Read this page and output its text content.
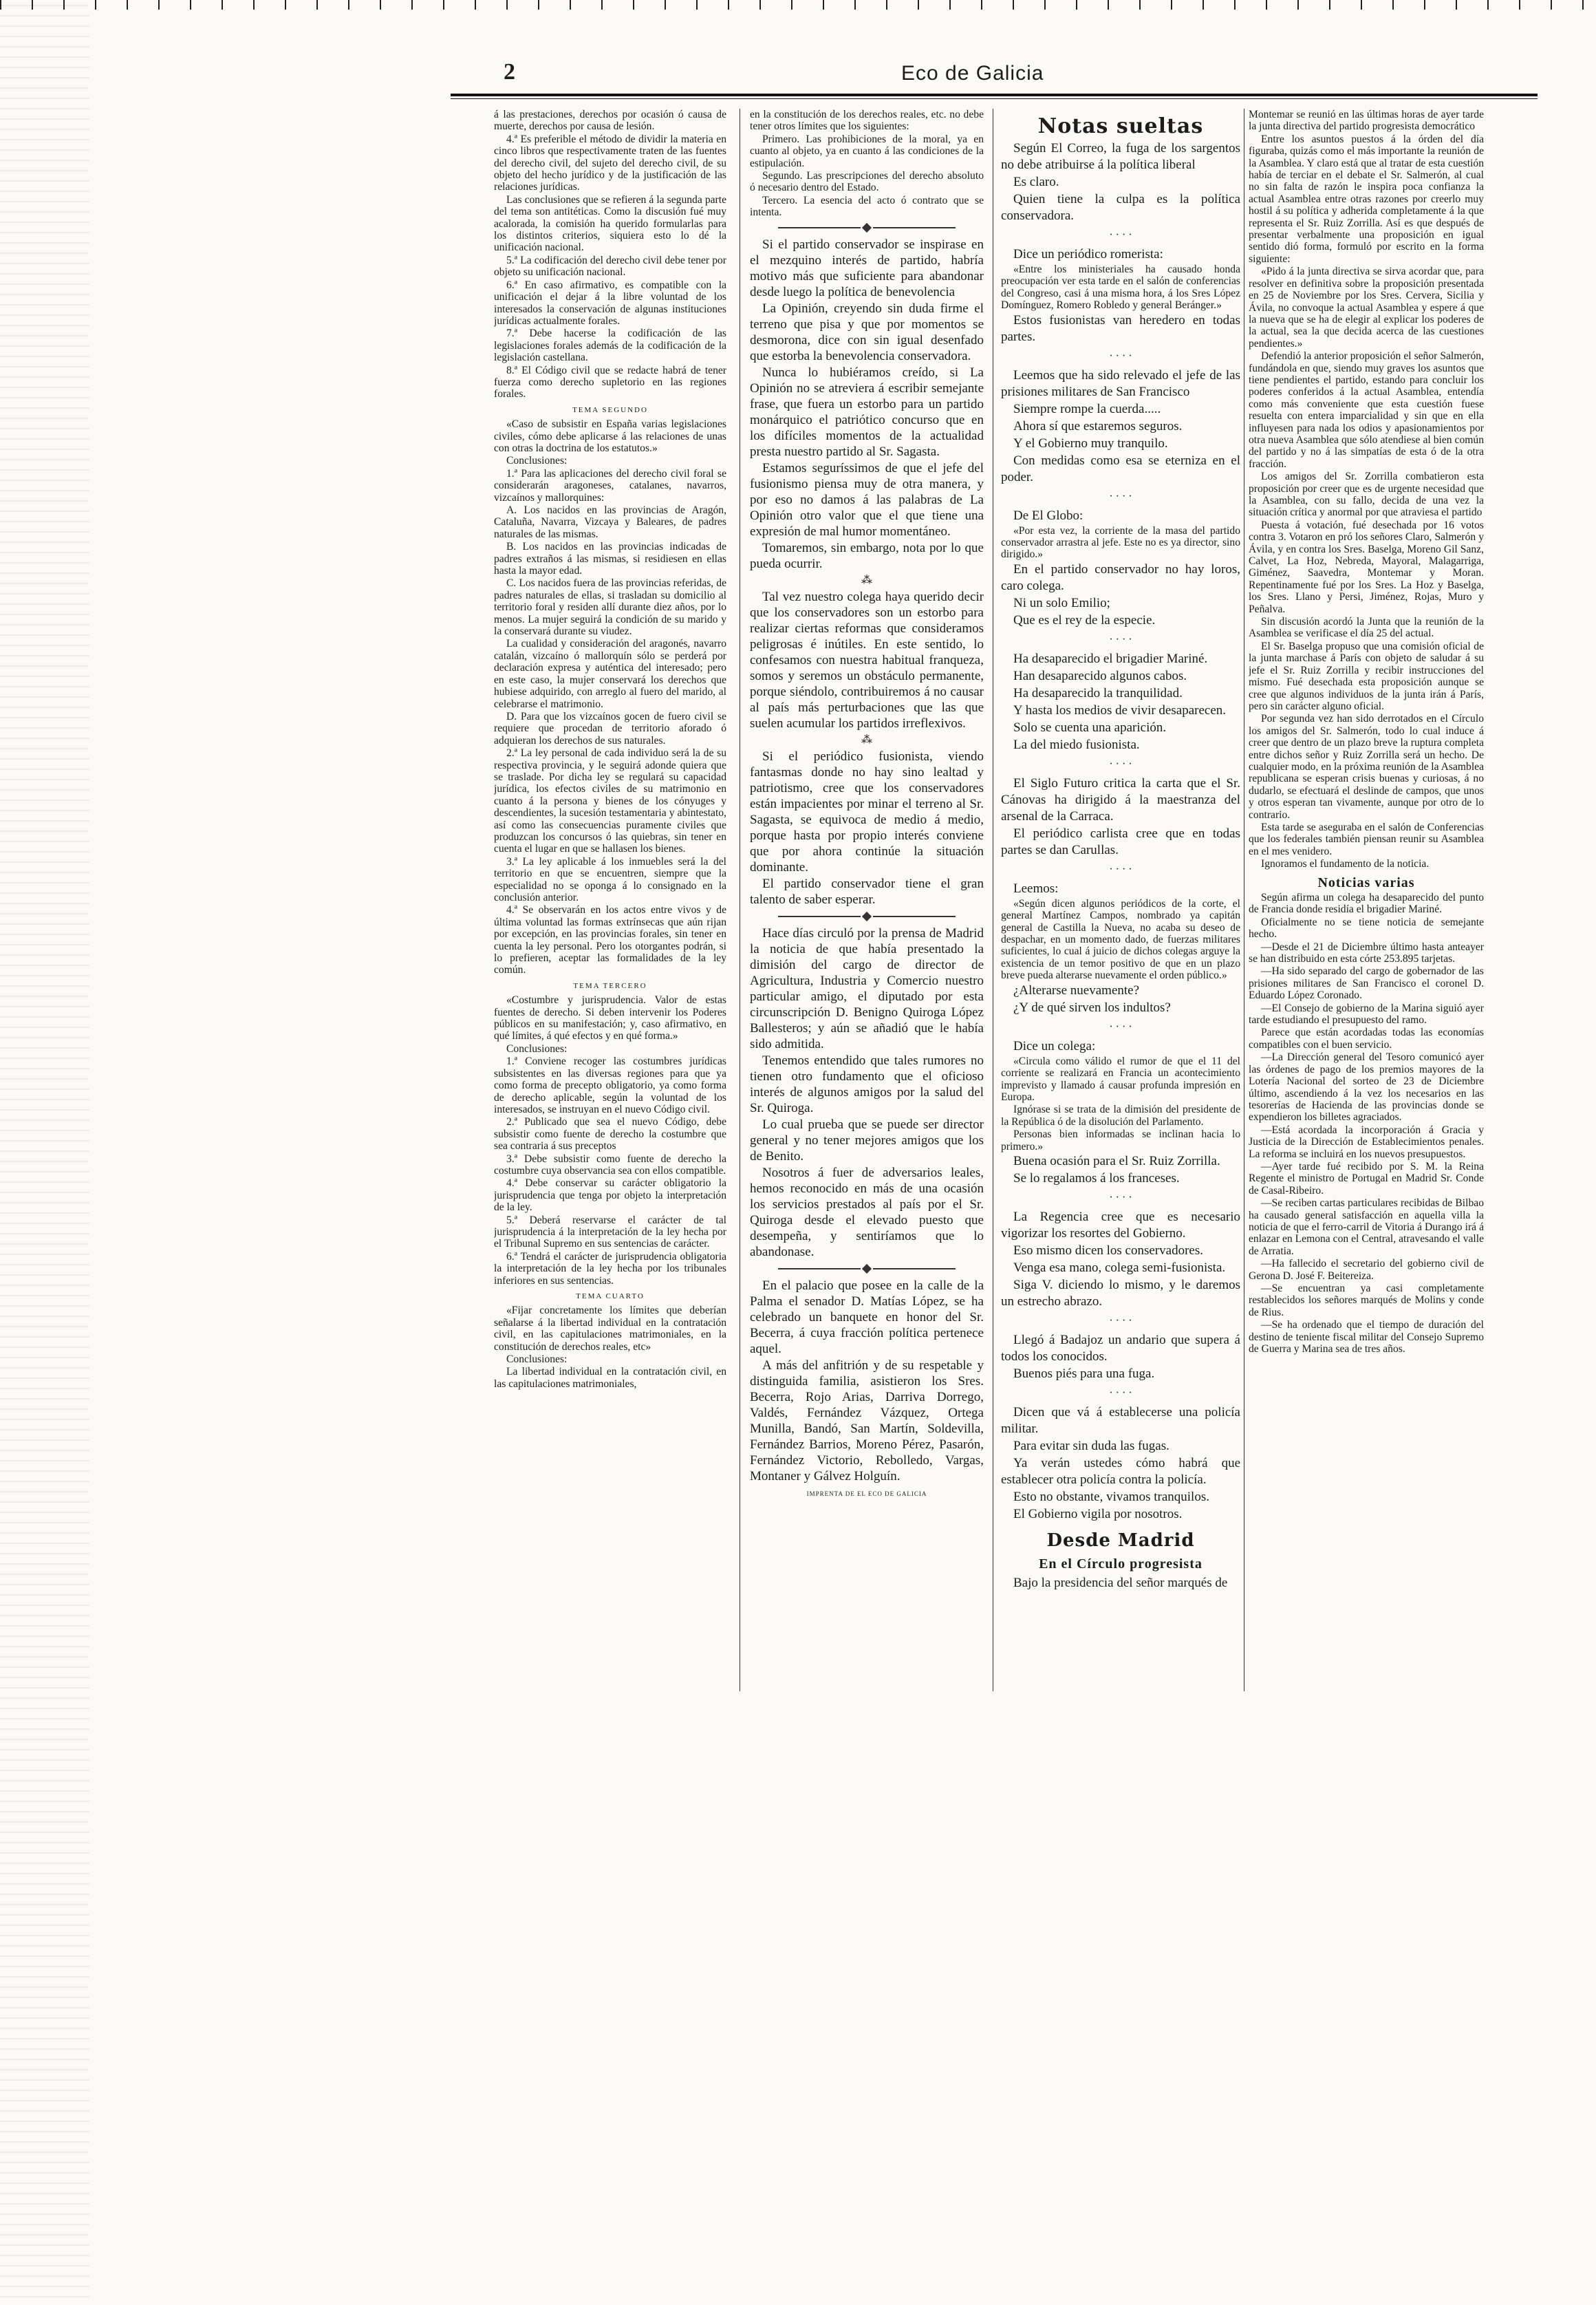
2	Eco de Galicia

á las prestaciones, derechos por ocasión ó causa de muerte, derechos por causa de lesión.

4.ª Es preferible el método de dividir la materia en cinco libros que respectivamente traten de las fuentes del derecho civil, del sujeto del derecho civil, de su objeto del hecho jurídico y de la justificación de las relaciones jurídicas.

Las conclusiones que se refieren á la segunda parte del tema son antitéticas. Como la discusión fué muy acalorada, la comisión ha querido formularlas para los distintos criterios, siquiera esto lo dé la unificación nacional.

5.ª La codificación del derecho civil debe tener por objeto su unificación nacional.

6.ª En caso afirmativo, es compatible con la unificación el dejar á la libre voluntad de los interesados la conservación de algunas instituciones jurídicas actualmente forales.

7.ª Debe hacerse la codificación de las legislaciones forales además de la codificación de la legislación castellana.

8.ª El Código civil que se redacte habrá de tener fuerza como derecho supletorio en las regiones forales.

TEMA SEGUNDO

«Caso de subsistir en España varias legislaciones civiles, cómo debe aplicarse á las relaciones de unas con otras la doctrina de los estatutos.»

Conclusiones:

1.ª Para las aplicaciones del derecho civil foral se considerarán aragoneses, catalanes, navarros, vizcaínos y mallorquines:

A. Los nacidos en las provincias de Aragón, Cataluña, Navarra, Vizcaya y Baleares, de padres naturales de las mismas.

B. Los nacidos en las provincias indicadas de padres extraños á las mismas, si residiesen en ellas hasta la mayor edad.

C. Los nacidos fuera de las provincias referidas, de padres naturales de ellas, si trasladan su domicilio al territorio foral y residen allí durante diez años, por lo menos. La mujer seguirá la condición de su marido y la conservará durante su viudez.

La cualidad y consideración del aragonés, navarro catalán, vizcaíno ó mallorquín sólo se perderá por declaración expresa y auténtica del interesado; pero en este caso, la mujer conservará los derechos que hubiese adquirido, con arreglo al fuero del marido, al celebrarse el matrimonio.

D. Para que los vizcaínos gocen de fuero civil se requiere que procedan de territorio aforado ó adquieran los derechos de sus naturales.

2.ª La ley personal de cada individuo será la de su respectiva provincia, y le seguirá adonde quiera que se traslade. Por dicha ley se regulará su capacidad jurídica, los efectos civiles de su matrimonio en cuanto á la persona y bienes de los cónyuges y descendientes, la sucesión testamentaria y abintestato, así como las consecuencias puramente civiles que produzcan los concursos ó las quiebras, sin tener en cuenta el lugar en que se hallasen los bienes.

3.ª La ley aplicable á los inmuebles será la del territorio en que se encuentren, siempre que la especialidad no se oponga á lo consignado en la conclusión anterior.

4.ª Se observarán en los actos entre vivos y de última voluntad las formas extrínsecas que aún rijan por excepción, en las provincias forales, sin tener en cuenta la ley personal. Pero los otorgantes podrán, si lo prefieren, aceptar las formalidades de la ley común.

TEMA TERCERO

«Costumbre y jurisprudencia. Valor de estas fuentes de derecho. Si deben intervenir los Poderes públicos en su manifestación; y, caso afirmativo, en qué límites, á qué efectos y en qué forma.»

Conclusiones:

1.ª Conviene recoger las costumbres jurídicas subsistentes en las diversas regiones para que ya como forma de precepto obligatorio, ya como forma de derecho aplicable, según la voluntad de los interesados, se instruyan en el nuevo Código civil.

2.ª Publicado que sea el nuevo Código, debe subsistir como fuente de derecho la costumbre que sea contraria á sus preceptos

3.ª Debe subsistir como fuente de derecho la costumbre cuya observancia sea con ellos compatible.

4.ª Debe conservar su carácter obligatorio la jurisprudencia que tenga por objeto la interpretación de la ley.

5.ª Deberá reservarse el carácter de tal jurisprudencia á la interpretación de la ley hecha por el Tribunal Supremo en sus sentencias de carácter.

6.ª Tendrá el carácter de jurisprudencia obligatoria la interpretación de la ley hecha por los tribunales inferiores en sus sentencias.

TEMA CUARTO

«Fijar concretamente los límites que deberían señalarse á la libertad individual en la contratación civil, en las capitulaciones matrimoniales, en la constitución de derechos reales, etc»

Conclusiones:

La libertad individual en la contratación civil, en las capitulaciones matrimoniales,

en la constitución de los derechos reales, etc. no debe tener otros límites que los siguientes:

Primero. Las prohibiciones de la moral, ya en cuanto al objeto, ya en cuanto á las condiciones de la estipulación.

Segundo. Las prescripciones del derecho absoluto ó necesario dentro del Estado.

Tercero. La esencia del acto ó contrato que se intenta.

Si el partido conservador se inspirase en el mezquino interés de partido, habría motivo más que suficiente para abandonar desde luego la política de benevolencia

La Opinión, creyendo sin duda firme el terreno que pisa y que por momentos se desmorona, dice con sin igual desenfado que estorba la benevolencia conservadora.

Nunca lo hubiéramos creído, si La Opinión no se atreviera á escribir semejante frase, que fuera un estorbo para un partido monárquico el patriótico concurso que en los difíciles momentos de la actualidad presta nuestro partido al Sr. Sagasta.

Estamos seguríssimos de que el jefe del fusionismo piensa muy de otra manera, y por eso no damos á las palabras de La Opinión otro valor que el que tiene una expresión de mal humor momentáneo.

Tomaremos, sin embargo, nota por lo que pueda ocurrir.

⁂

Tal vez nuestro colega haya querido decir que los conservadores son un estorbo para realizar ciertas reformas que consideramos peligrosas é inútiles. En este sentido, lo confesamos con nuestra habitual franqueza, somos y seremos un obstáculo permanente, porque siéndolo, contribuiremos á no causar al país más perturbaciones que las que suelen acumular los partidos irreflexivos.

⁂

Si el periódico fusionista, viendo fantasmas donde no hay sino lealtad y patriotismo, cree que los conservadores están impacientes por minar el terreno al Sr. Sagasta, se equivoca de medio á medio, porque hasta por propio interés conviene que por ahora continúe la situación dominante.

El partido conservador tiene el gran talento de saber esperar.

Hace días circuló por la prensa de Madrid la noticia de que había presentado la dimisión del cargo de director de Agricultura, Industria y Comercio nuestro particular amigo, el diputado por esta circunscripción D. Benigno Quiroga López Ballesteros; y aún se añadió que le había sido admitida.

Tenemos entendido que tales rumores no tienen otro fundamento que el oficioso interés de algunos amigos por la salud del Sr. Quiroga.

Lo cual prueba que se puede ser director general y no tener mejores amigos que los de Benito.

Nosotros á fuer de adversarios leales, hemos reconocido en más de una ocasión los servicios prestados al país por el Sr. Quiroga desde el elevado puesto que desempeña, y sentiríamos que lo abandonase.

En el palacio que posee en la calle de la Palma el senador D. Matías López, se ha celebrado un banquete en honor del Sr. Becerra, á cuya fracción política pertenece aquel.

A más del anfitrión y de su respetable y distinguida familia, asistieron los Sres. Becerra, Rojo Arias, Darriva Dorrego, Valdés, Fernández Vázquez, Ortega Munilla, Bandó, San Martín, Soldevilla, Fernández Barrios, Moreno Pérez, Pasarón, Fernández Victorio, Rebolledo, Vargas, Montaner y Gálvez Holguín.

IMPRENTA DE EL ECO DE GALICIA

Notas sueltas

Según El Correo, la fuga de los sargentos no debe atribuirse á la política liberal

Es claro.

Quien tiene la culpa es la política conservadora.

· · · ·

Dice un periódico romerista:

«Entre los ministeriales ha causado honda preocupación ver esta tarde en el salón de conferencias del Congreso, casi á una misma hora, á los Sres López Domínguez, Romero Robledo y general Beránger.»

Estos fusionistas van heredero en todas partes.

· · · ·

Leemos que ha sido relevado el jefe de las prisiones militares de San Francisco

Siempre rompe la cuerda.....

Ahora sí que estaremos seguros.

Y el Gobierno muy tranquilo.

Con medidas como esa se eterniza en el poder.

· · · ·

De El Globo:

«Por esta vez, la corriente de la masa del partido conservador arrastra al jefe. Este no es ya director, sino dirigido.»

En el partido conservador no hay loros, caro colega.

Ni un solo Emilio;

Que es el rey de la especie.

· · · ·

Ha desaparecido el brigadier Mariné.

Han desaparecido algunos cabos.

Ha desaparecido la tranquilidad.

Y hasta los medios de vivir desaparecen.

Solo se cuenta una aparición.

La del miedo fusionista.

· · · ·

El Siglo Futuro critica la carta que el Sr. Cánovas ha dirigido á la maestranza del arsenal de la Carraca.

El periódico carlista cree que en todas partes se dan Carullas.

· · · ·

Leemos:

«Según dicen algunos periódicos de la corte, el general Martínez Campos, nombrado ya capitán general de Castilla la Nueva, no acaba su deseo de despachar, en un momento dado, de fuerzas militares suficientes, lo cual á juicio de dichos colegas arguye la existencia de un temor positivo de que en un plazo breve pueda alterarse nuevamente el orden público.»

¿Alterarse nuevamente?

¿Y de qué sirven los indultos?

· · · ·

Dice un colega:

«Circula como válido el rumor de que el 11 del corriente se realizará en Francia un acontecimiento imprevisto y llamado á causar profunda impresión en Europa.

Ignórase si se trata de la dimisión del presidente de la República ó de la disolución del Parlamento.

Personas bien informadas se inclinan hacia lo primero.»

Buena ocasión para el Sr. Ruiz Zorrilla.

Se lo regalamos á los franceses.

· · · ·

La Regencia cree que es necesario vigorizar los resortes del Gobierno.

Eso mismo dicen los conservadores.

Venga esa mano, colega semi-fusionista.

Siga V. diciendo lo mismo, y le daremos un estrecho abrazo.

· · · ·

Llegó á Badajoz un andario que supera á todos los conocidos.

Buenos piés para una fuga.

· · · ·

Dicen que vá á establecerse una policía militar.

Para evitar sin duda las fugas.

Ya verán ustedes cómo habrá que establecer otra policía contra la policía.

Esto no obstante, vivamos tranquilos.

El Gobierno vigila por nosotros.

Desde Madrid

En el Círculo progresista

Bajo la presidencia del señor marqués de

Montemar se reunió en las últimas horas de ayer tarde la junta directiva del partido progresista democrático

Entre los asuntos puestos á la órden del día figuraba, quizás como el más importante la reunión de la Asamblea. Y claro está que al tratar de esta cuestión había de terciar en el debate el Sr. Salmerón, al cual no sin falta de razón le inspira poca confianza la actual Asamblea entre otras razones por creerlo muy hostil á su política y adherida completamente á la que representa el Sr. Ruiz Zorrilla. Así es que después de presentar verbalmente una proposición en igual sentido dió forma, formuló por escrito en la forma siguiente:

«Pido á la junta directiva se sirva acordar que, para resolver en definitiva sobre la proposición presentada en 25 de Noviembre por los Sres. Cervera, Sicilia y Ávila, no convoque la actual Asamblea y espere á que la nueva que se ha de elegir al explicar los poderes de la actual, sea la que decida acerca de las cuestiones pendientes.»

Defendió la anterior proposición el señor Salmerón, fundándola en que, siendo muy graves los asuntos que tiene pendientes el partido, estando para concluir los poderes conferidos á la actual Asamblea, entendía como más conveniente que esta cuestión fuese resuelta con entera imparcialidad y sin que en ella influyesen para nada los odios y apasionamientos por otra nueva Asamblea que sólo atendiese al bien común del partido y no á las simpatías de esta ó de la otra fracción.

Los amigos del Sr. Zorrilla combatieron esta proposición por creer que es de urgente necesidad que la Asamblea, con su fallo, decida de una vez la situación crítica y anormal por que atraviesa el partido

Puesta á votación, fué desechada por 16 votos contra 3. Votaron en pró los señores Claro, Salmerón y Ávila, y en contra los Sres. Baselga, Moreno Gil Sanz, Calvet, La Hoz, Nebreda, Mayoral, Malagarriga, Giménez, Saavedra, Montemar y Moran. Repentinamente fué por los Sres. La Hoz y Baselga, los Sres. Llano y Persi, Jiménez, Rojas, Muro y Peñalva.

Sin discusión acordó la Junta que la reunión de la Asamblea se verificase el día 25 del actual.

El Sr. Baselga propuso que una comisión oficial de la junta marchase á París con objeto de saludar á su jefe el Sr. Ruiz Zorrilla y recibir instrucciones del mismo. Fué desechada esta proposición aunque se cree que algunos individuos de la junta irán á París, pero sin carácter alguno oficial.

Por segunda vez han sido derrotados en el Círculo los amigos del Sr. Salmerón, todo lo cual induce á creer que dentro de un plazo breve la ruptura completa entre dichos señor y Ruiz Zorrilla será un hecho. De cualquier modo, en la próxima reunión de la Asamblea republicana se esperan crisis buenas y curiosas, á no dudarlo, se efectuará el deslinde de campos, que unos y otros esperan tan vivamente, aunque por otro de lo contrario.

Esta tarde se aseguraba en el salón de Conferencias que los federales también piensan reunir su Asamblea en el mes venidero.

Ignoramos el fundamento de la noticia.

Noticias varias

Según afirma un colega ha desaparecido del punto de Francia donde residía el brigadier Mariné.

Oficialmente no se tiene noticia de semejante hecho.

—Desde el 21 de Diciembre último hasta anteayer se han distribuido en esta córte 253.895 tarjetas.

—Ha sido separado del cargo de gobernador de las prisiones militares de San Francisco el coronel D. Eduardo López Coronado.

—El Consejo de gobierno de la Marina siguió ayer tarde estudiando el presupuesto del ramo.

Parece que están acordadas todas las economías compatibles con el buen servicio.

—La Dirección general del Tesoro comunicó ayer las órdenes de pago de los premios mayores de la Lotería Nacional del sorteo de 23 de Diciembre último, ascendiendo á la vez los necesarios en las tesorerías de Hacienda de las provincias donde se expendieron los billetes agraciados.

—Está acordada la incorporación á Gracia y Justicia de la Dirección de Establecimientos penales. La reforma se incluirá en los nuevos presupuestos.

—Ayer tarde fué recibido por S. M. la Reina Regente el ministro de Portugal en Madrid Sr. Conde de Casal-Ribeiro.

—Se reciben cartas particulares recibidas de Bilbao ha causado general satisfacción en aquella villa la noticia de que el ferro-carril de Vitoria á Durango irá á enlazar en Lemona con el Central, atravesando el valle de Arratia.

—Ha fallecido el secretario del gobierno civil de Gerona D. José F. Beitereiza.

—Se encuentran ya casi completamente restablecidos los señores marqués de Molins y conde de Rius.

—Se ha ordenado que el tiempo de duración del destino de teniente fiscal militar del Consejo Supremo de Guerra y Marina sea de tres años.
